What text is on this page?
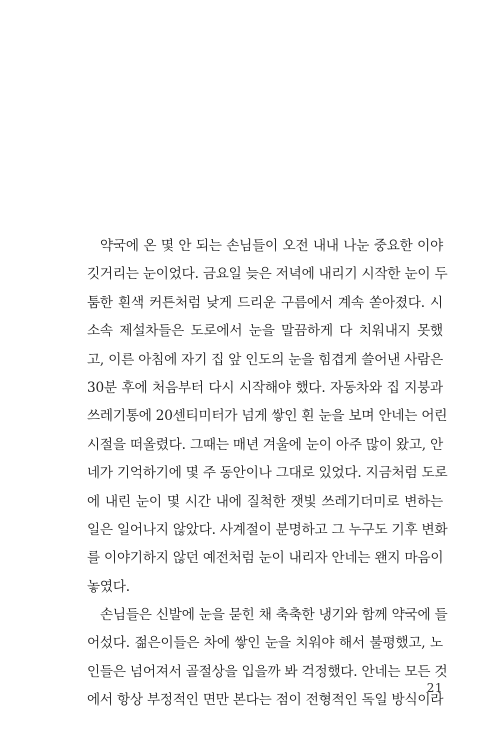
약국에 온 몇 안 되는 손님들이 오전 내내 나눈 중요한 이야
깃거리는 눈이었다. 금요일 늦은 저녁에 내리기 시작한 눈이 두
툼한 흰색 커튼처럼 낮게 드리운 구름에서 계속 쏟아졌다. 시
소속 제설차들은 도로에서 눈을 말끔하게 다 치워내지 못했
고, 이른 아침에 자기 집 앞 인도의 눈을 힘겹게 쓸어낸 사람은
30분 후에 처음부터 다시 시작해야 했다. 자동차와 집 지붕과
쓰레기통에 20센티미터가 넘게 쌓인 흰 눈을 보며 안네는 어린
시절을 떠올렸다. 그때는 매년 겨울에 눈이 아주 많이 왔고, 안
네가 기억하기에 몇 주 동안이나 그대로 있었다. 지금처럼 도로
에 내린 눈이 몇 시간 내에 질척한 잿빛 쓰레기더미로 변하는
일은 일어나지 않았다. 사계절이 분명하고 그 누구도 기후 변화
를 이야기하지 않던 예전처럼 눈이 내리자 안네는 왠지 마음이
놓였다.
손님들은 신발에 눈을 묻힌 채 축축한 냉기와 함께 약국에 들
어섰다. 젊은이들은 차에 쌓인 눈을 치워야 해서 불평했고, 노
인들은 넘어져서 골절상을 입을까 봐 걱정했다. 안네는 모든 것
에서 항상 부정적인 면만 본다는 점이 전형적인 독일 방식이라
21
